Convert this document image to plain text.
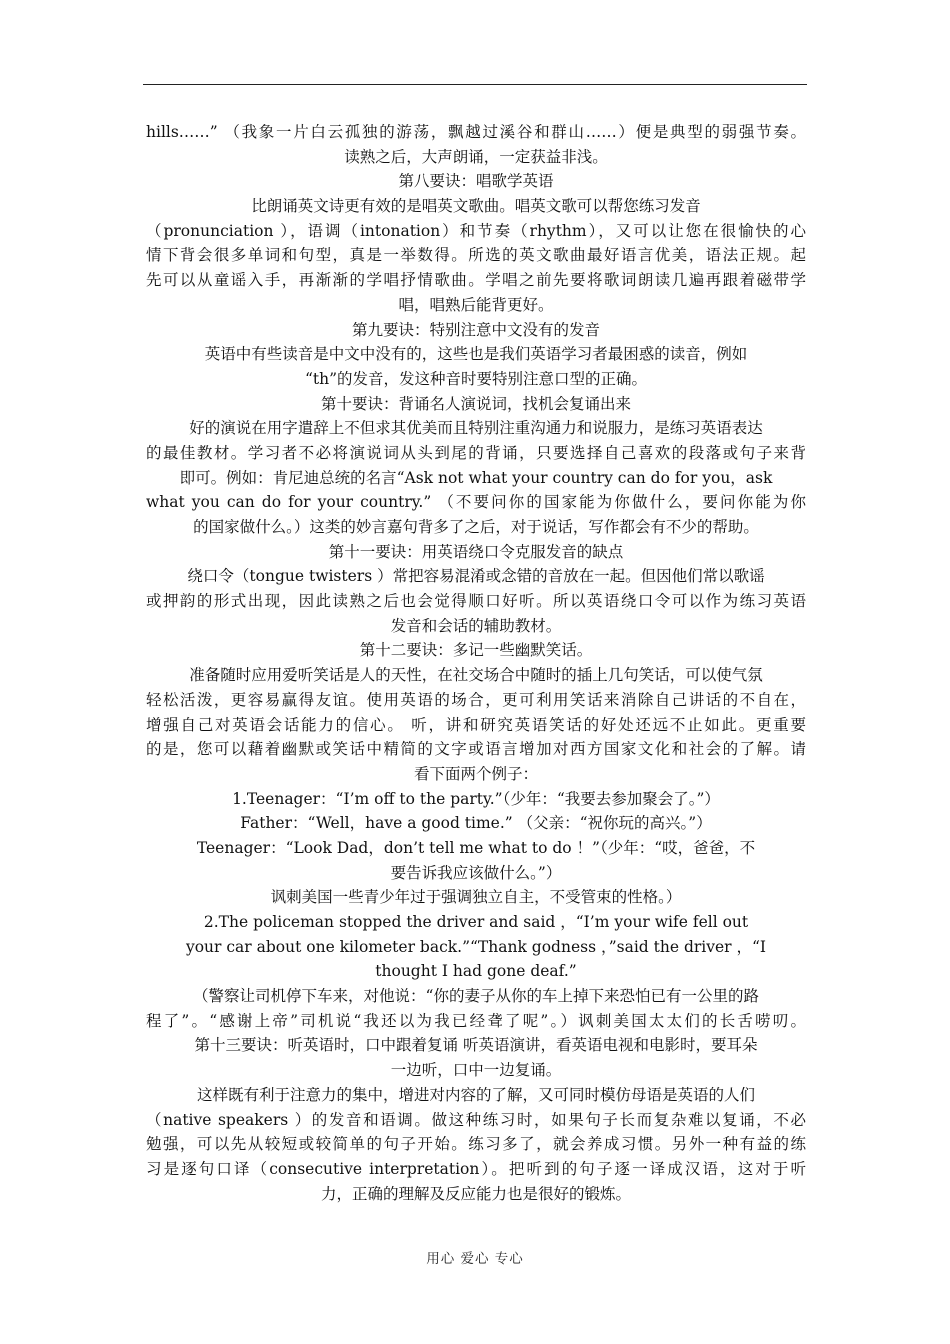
hills……” （我象一片白云孤独的游荡，飘越过溪谷和群山……）便是典型的弱强节奏。
读熟之后，大声朗诵，一定获益非浅。
第八要诀：唱歌学英语
比朗诵英文诗更有效的是唱英文歌曲。唱英文歌可以帮您练习发音
（pronunciation ），语调（intonation）和节奏（rhythm），又可以让您在很愉快的心
情下背会很多单词和句型，真是一举数得。所选的英文歌曲最好语言优美，语法正规。起
先可以从童谣入手，再渐渐的学唱抒情歌曲。学唱之前先要将歌词朗读几遍再跟着磁带学
唱，唱熟后能背更好。
第九要诀：特别注意中文没有的发音
英语中有些读音是中文中没有的，这些也是我们英语学习者最困惑的读音，例如
“th”的发音，发这种音时要特别注意口型的正确。
第十要诀：背诵名人演说词，找机会复诵出来
好的演说在用字遣辞上不但求其优美而且特别注重沟通力和说服力，是练习英语表达
的最佳教材。学习者不必将演说词从头到尾的背诵，只要选择自己喜欢的段落或句子来背
即可。例如：肯尼迪总统的名言“Ask not what your country can do for you，ask
what you can do for your country.” （不要问你的国家能为你做什么，要问你能为你
的国家做什么。）这类的妙言嘉句背多了之后，对于说话，写作都会有不少的帮助。
第十一要诀：用英语绕口令克服发音的缺点
绕口令（tongue twisters ）常把容易混淆或念错的音放在一起。但因他们常以歌谣
或押韵的形式出现，因此读熟之后也会觉得顺口好听。所以英语绕口令可以作为练习英语
发音和会话的辅助教材。
第十二要诀：多记一些幽默笑话。
准备随时应用爱听笑话是人的天性，在社交场合中随时的插上几句笑话，可以使气氛
轻松活泼，更容易赢得友谊。使用英语的场合，更可利用笑话来消除自己讲话的不自在，
增强自己对英语会话能力的信心。 听，讲和研究英语笑话的好处还远不止如此。更重要
的是，您可以藉着幽默或笑话中精简的文字或语言增加对西方国家文化和社会的了解。请
看下面两个例子：
1.Teenager：“I’m off to the party.”（少年：“我要去参加聚会了。”）
Father：“Well，have a good time.” （父亲：“祝你玩的高兴。”）
Teenager：“Look Dad，don’t tell me what to do ！”（少年：“哎，爸爸，不
要告诉我应该做什么。”）
讽刺美国一些青少年过于强调独立自主，不受管束的性格。）
2.The policeman stopped the driver and said ，“I’m your wife fell out
your car about one kilometer back.”“Thank godness ，”said the driver ，“I
thought I had gone deaf.”
（警察让司机停下车来，对他说：“你的妻子从你的车上掉下来恐怕已有一公里的路
程了”。“感谢上帝”司机说“我还以为我已经聋了呢”。）讽刺美国太太们的长舌唠叨。
第十三要诀：听英语时，口中跟着复诵 听英语演讲，看英语电视和电影时，要耳朵
一边听，口中一边复诵。
这样既有利于注意力的集中，增进对内容的了解，又可同时模仿母语是英语的人们
（native speakers ）的发音和语调。做这种练习时，如果句子长而复杂难以复诵，不必
勉强，可以先从较短或较简单的句子开始。练习多了，就会养成习惯。另外一种有益的练
习是逐句口译（consecutive interpretation）。把听到的句子逐一译成汉语，这对于听
力，正确的理解及反应能力也是很好的锻炼。
用心 爱心 专心
